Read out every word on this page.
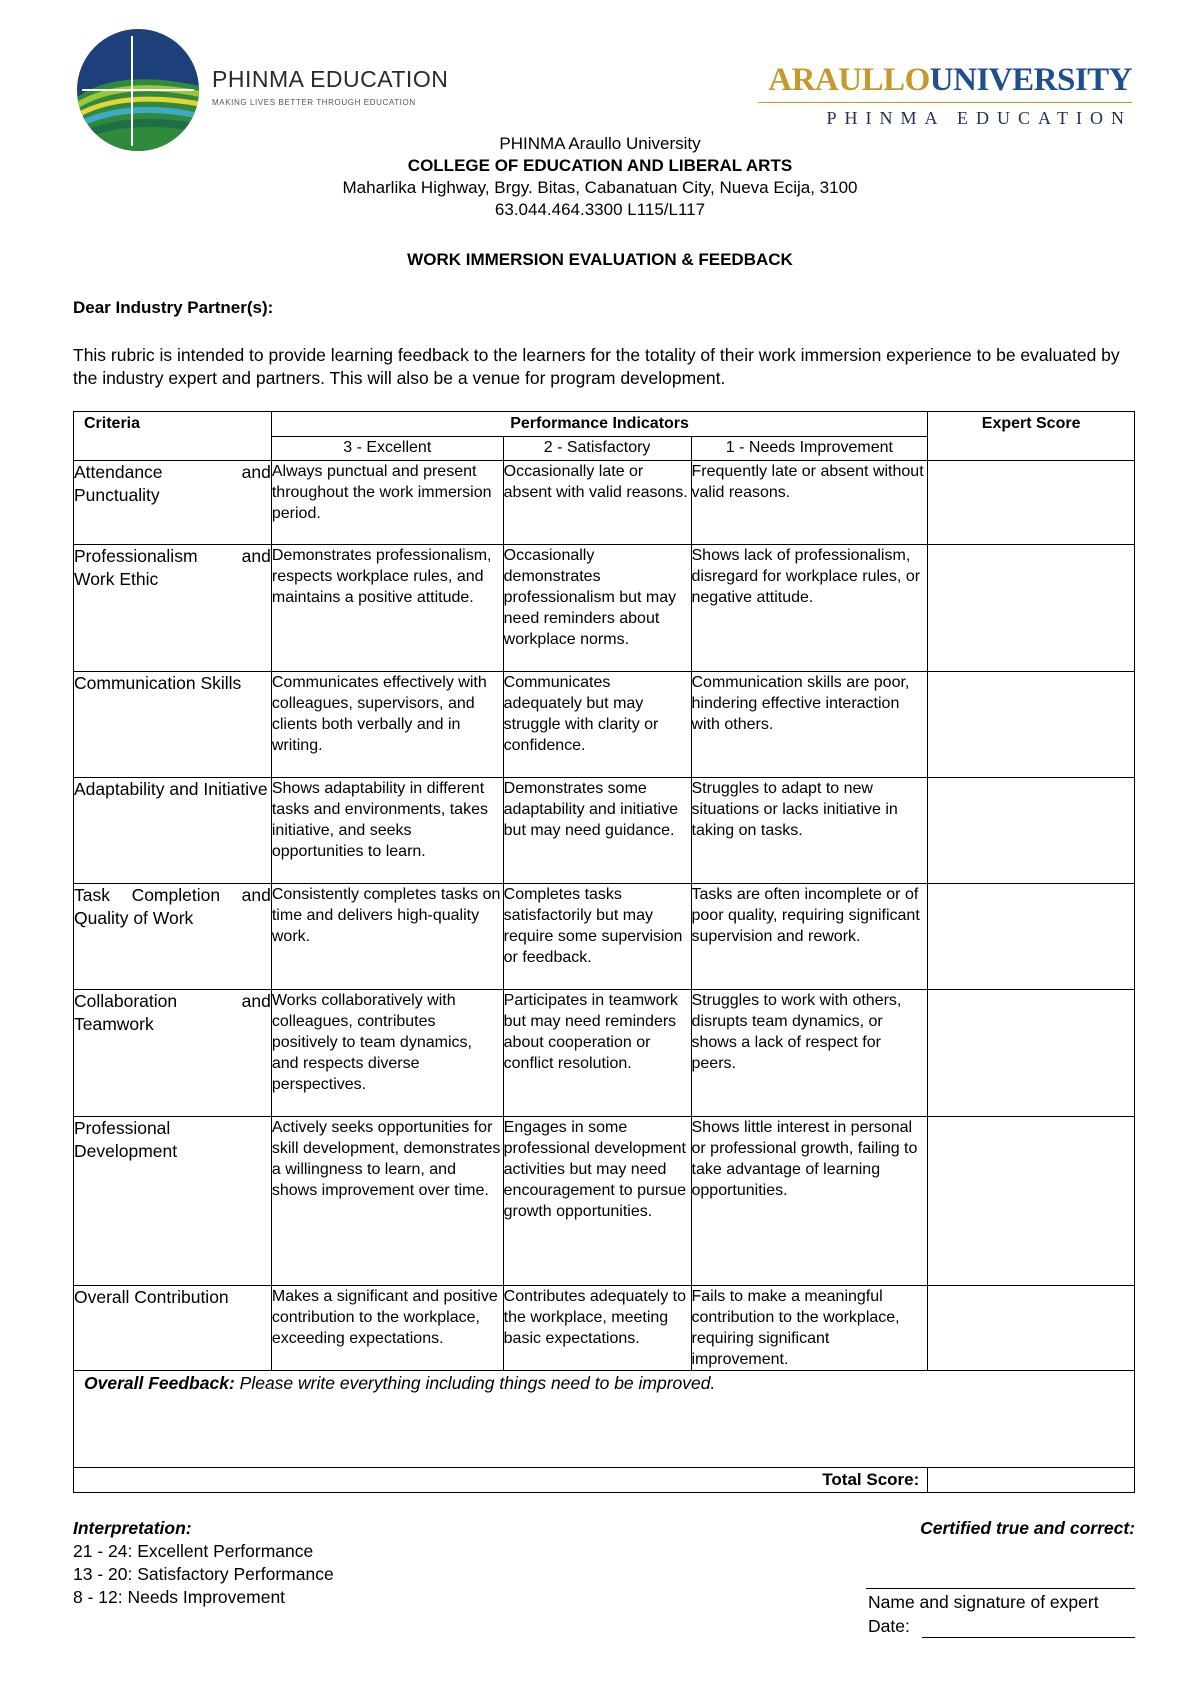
PHINMA EDUCATION
MAKING LIVES BETTER THROUGH EDUCATION
ARAULLOUNIVERSITY
PHINMA EDUCATION
PHINMA Araullo University
COLLEGE OF EDUCATION AND LIBERAL ARTS
Maharlika Highway, Brgy. Bitas, Cabanatuan City, Nueva Ecija, 3100
63.044.464.3300 L115/L117
WORK IMMERSION EVALUATION & FEEDBACK
Dear Industry Partner(s):
This rubric is intended to provide learning feedback to the learners for the totality of their work immersion experience to be evaluated by the industry expert and partners. This will also be a venue for program development.
Criteria	Performance Indicators			Expert Score
	3 - Excellent	2 - Satisfactory	1 - Needs Improvement	
Attendance and Punctuality	Always punctual and present throughout the work immersion period.	Occasionally late or absent with valid reasons.	Frequently late or absent without valid reasons.	

Professionalism and Work Ethic	Demonstrates professionalism, respects workplace rules, and maintains a positive attitude.	Occasionally demonstrates professionalism but may need reminders about workplace norms.	Shows lack of professionalism, disregard for workplace rules, or negative attitude.	

Communication Skills	Communicates effectively with colleagues, supervisors, and clients both verbally and in writing.	Communicates adequately but may struggle with clarity or confidence.	Communication skills are poor, hindering effective interaction with others.	

Adaptability and Initiative	Shows adaptability in different tasks and environments, takes initiative, and seeks opportunities to learn.	Demonstrates some adaptability and initiative but may need guidance.	Struggles to adapt to new situations or lacks initiative in taking on tasks.	

Task Completion and Quality of Work	Consistently completes tasks on time and delivers high-quality work.	Completes tasks satisfactorily but may require some supervision or feedback.	Tasks are often incomplete or of poor quality, requiring significant supervision and rework.	

Collaboration and Teamwork	Works collaboratively with colleagues, contributes positively to team dynamics, and respects diverse perspectives.	Participates in teamwork but may need reminders about cooperation or conflict resolution.	Struggles to work with others, disrupts team dynamics, or shows a lack of respect for peers.	

Professional Development	Actively seeks opportunities for skill development, demonstrates a willingness to learn, and shows improvement over time.	Engages in some professional development activities but may need encouragement to pursue growth opportunities.	Shows little interest in personal or professional growth, failing to take advantage of learning opportunities.	

Overall Contribution	Makes a significant and positive contribution to the workplace, exceeding expectations.	Contributes adequately to the workplace, meeting basic expectations.	Fails to make a meaningful contribution to the workplace, requiring significant improvement.	

Overall Feedback: Please write everything including things need to be improved.				
Total Score:				
Interpretation:
21 - 24: Excellent Performance
13 - 20: Satisfactory Performance
8 - 12: Needs Improvement
Certified true and correct:
Name and signature of expert
Date:
